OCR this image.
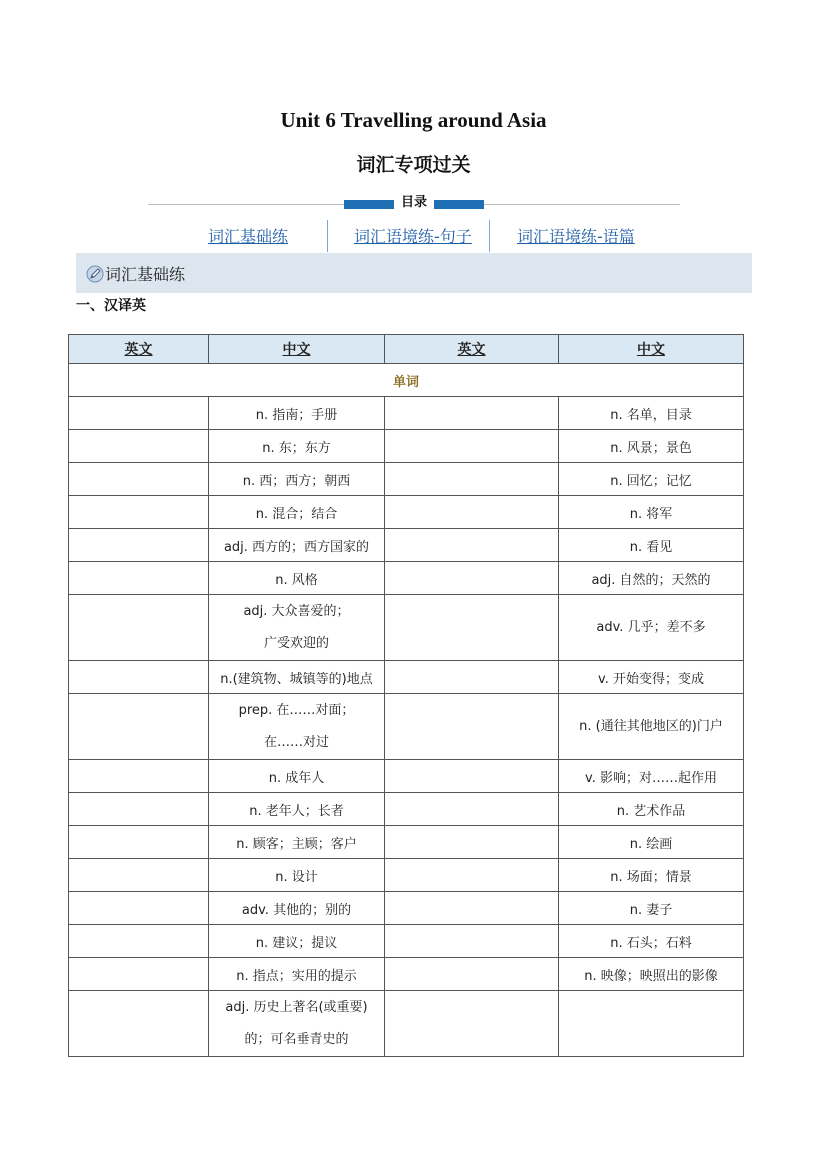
Unit 6 Travelling around Asia
词汇专项过关
目录
词汇基础练	词汇语境练-句子	词汇语境练-语篇
词汇基础练
一、汉译英
英文	中文	英文	中文
单词			

	n. 指南；手册		n. 名单，目录

	n. 东；东方		n. 风景；景色

	n. 西；西方；朝西		n. 回忆；记忆

	n. 混合；结合		n. 将军

	adj. 西方的；西方国家的		n. 看见

	n. 风格		adj. 自然的；天然的

	adj. 大众喜爱的；
广受欢迎的		adv. 几乎；差不多

	n.(建筑物、城镇等的)地点		v. 开始变得；变成

	prep. 在……对面；
在……对过		n. (通往其他地区的)门户

	n. 成年人		v. 影响；对……起作用

	n. 老年人；长者		n. 艺术作品

	n. 顾客；主顾；客户		n. 绘画

	n. 设计		n. 场面；情景

	adv. 其他的；别的		n. 妻子

	n. 建议；提议		n. 石头；石料

	n. 指点；实用的提示		n. 映像；映照出的影像

	adj. 历史上著名(或重要)
的；可名垂青史的		
